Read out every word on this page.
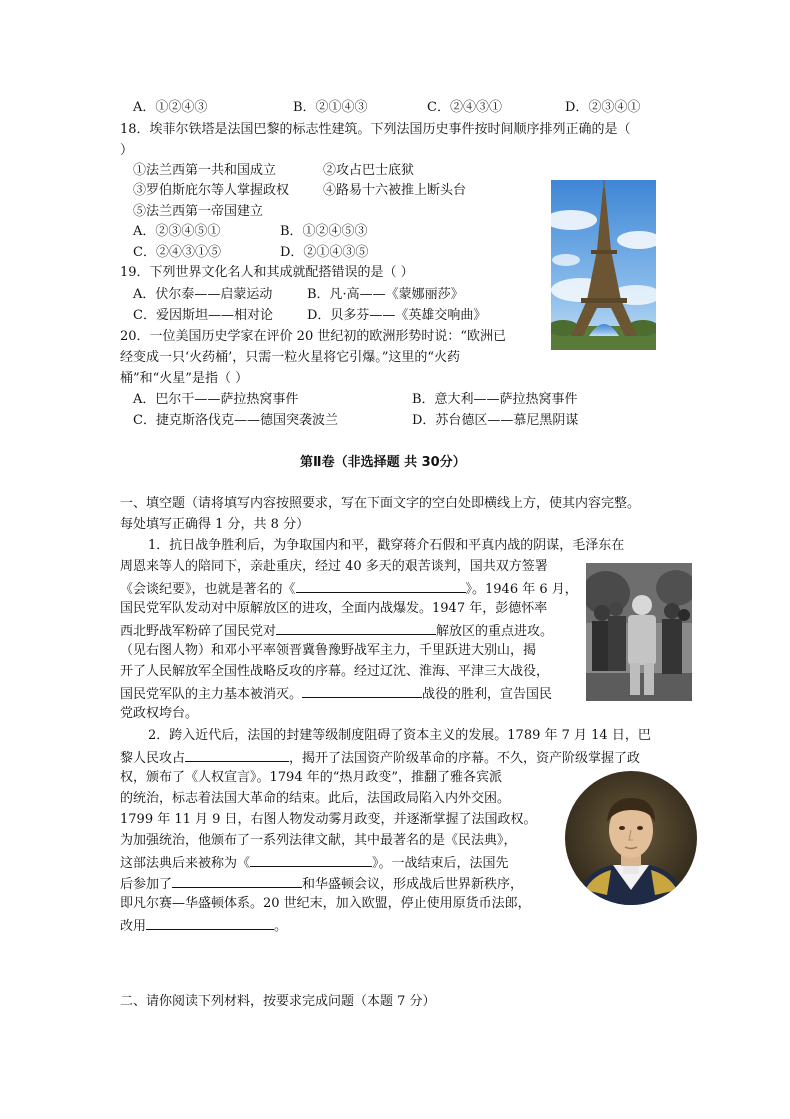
A．①②④③	B．②①④③	C．②④③①	D．②③④①
18．埃菲尔铁塔是法国巴黎的标志性建筑。下列法国历史事件按时间顺序排列正确的是（
）
①法兰西第一共和国成立	②攻占巴士底狱
③罗伯斯庇尔等人掌握政权	④路易十六被推上断头台
⑤法兰西第一帝国建立
A．②③④⑤①	B．①②④⑤③
C．②④③①⑤	D．②①④③⑤
19．下列世界文化名人和其成就配搭错误的是（ ）
A．伏尔泰——启蒙运动	B．凡·高——《蒙娜丽莎》
C．爱因斯坦——相对论	D．贝多芬——《英雄交响曲》
20．一位美国历史学家在评价 20 世纪初的欧洲形势时说：“欧洲已
经变成一只‘火药桶’，只需一粒火星将它引爆。”这里的“火药
桶”和“火星”是指（ ）
A．巴尔干——萨拉热窝事件	B．意大利——萨拉热窝事件
C．捷克斯洛伐克——德国突袭波兰	D．苏台德区——慕尼黑阴谋
第Ⅱ卷（非选择题 共 30分）
一、填空题（请将填写内容按照要求，写在下面文字的空白处即横线上方，使其内容完整。
每处填写正确得 1 分，共 8 分）
1．抗日战争胜利后，为争取国内和平，戳穿蒋介石假和平真内战的阴谋，毛泽东在
周恩来等人的陪同下，亲赴重庆，经过 40 多天的艰苦谈判，国共双方签署
《会谈纪要》，也就是著名的《	》。1946 年 6 月，
国民党军队发动对中原解放区的进攻，全面内战爆发。1947 年，彭德怀率
西北野战军粉碎了国民党对	解放区的重点进攻。
（见右图人物）和邓小平率领晋冀鲁豫野战军主力，千里跃进大别山，揭
开了人民解放军全国性战略反攻的序幕。经过辽沈、淮海、平津三大战役，
国民党军队的主力基本被消灭。	战役的胜利，宣告国民
党政权垮台。
2．跨入近代后，法国的封建等级制度阻碍了资本主义的发展。1789 年 7 月 14 日，巴
黎人民攻占	，揭开了法国资产阶级革命的序幕。不久，资产阶级掌握了政
权，颁布了《人权宣言》。1794 年的“热月政变”，推翻了雅各宾派
的统治，标志着法国大革命的结束。此后，法国政局陷入内外交困。
1799 年 11 月 9 日，右图人物发动雾月政变，并逐渐掌握了法国政权。
为加强统治，他颁布了一系列法律文献，其中最著名的是《民法典》，
这部法典后来被称为《	》。一战结束后，法国先
后参加了	和华盛顿会议，形成战后世界新秩序，
即凡尔赛—华盛顿体系。20 世纪末，加入欧盟，停止使用原货币法郎，
改用	。
二、请你阅读下列材料，按要求完成问题（本题 7 分）
